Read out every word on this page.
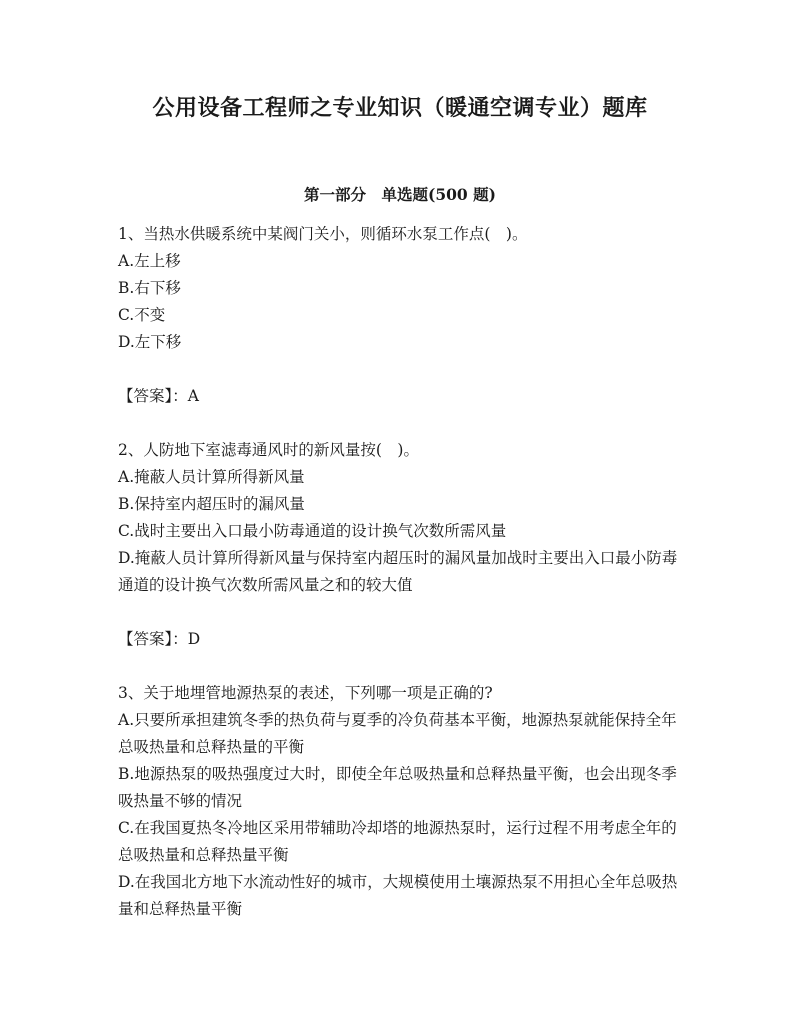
公用设备工程师之专业知识（暖通空调专业）题库
第一部分　单选题(500 题)
1、当热水供暖系统中某阀门关小，则循环水泵工作点(　)。
A.左上移
B.右下移
C.不变
D.左下移
【答案】：A
2、人防地下室滤毒通风时的新风量按(　)。
A.掩蔽人员计算所得新风量
B.保持室内超压时的漏风量
C.战时主要出入口最小防毒通道的设计换气次数所需风量
D.掩蔽人员计算所得新风量与保持室内超压时的漏风量加战时主要出入口最小防毒通道的设计换气次数所需风量之和的较大值
【答案】：D
3、关于地埋管地源热泵的表述，下列哪一项是正确的?
A.只要所承担建筑冬季的热负荷与夏季的冷负荷基本平衡，地源热泵就能保持全年总吸热量和总释热量的平衡
B.地源热泵的吸热强度过大时，即使全年总吸热量和总释热量平衡，也会出现冬季吸热量不够的情况
C.在我国夏热冬冷地区采用带辅助冷却塔的地源热泵时，运行过程不用考虑全年的总吸热量和总释热量平衡
D.在我国北方地下水流动性好的城市，大规模使用土壤源热泵不用担心全年总吸热量和总释热量平衡
